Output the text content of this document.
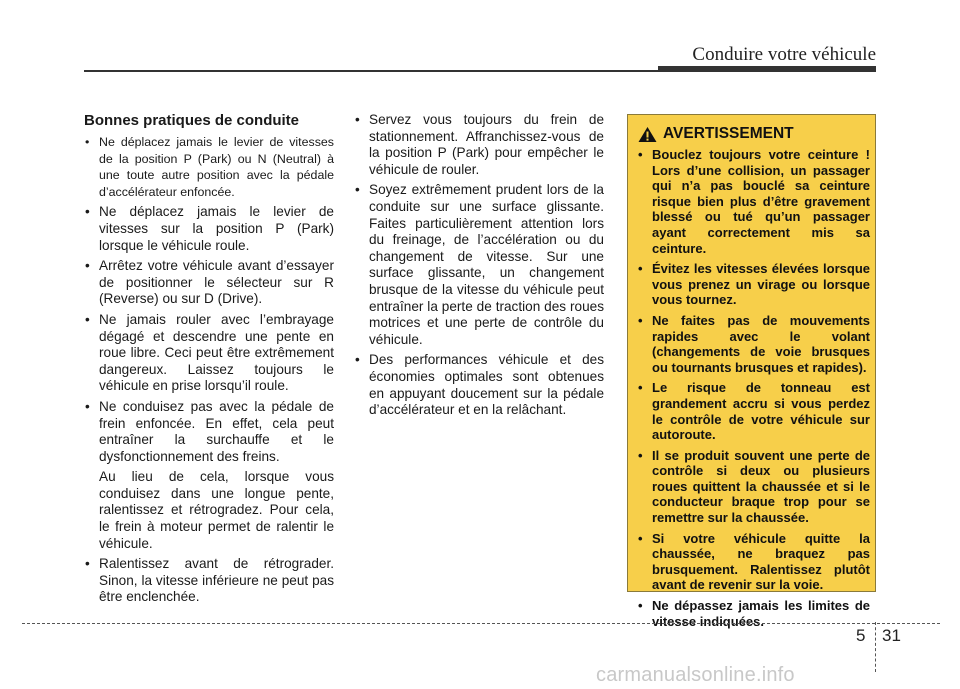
Conduire votre véhicule
Bonnes pratiques de conduite
• Ne déplacez jamais le levier de vitesses de la position P (Park) ou N (Neutral) à une toute autre position avec la pédale d’accélérateur enfoncée.
• Ne déplacez jamais le levier de vitesses sur la position P (Park) lorsque le véhicule roule.
• Arrêtez votre véhicule avant d’essayer de positionner le sélecteur sur R (Reverse) ou sur D (Drive).
• Ne jamais rouler avec l’embrayage dégagé et descendre une pente en roue libre. Ceci peut être extrêmement dangereux. Laissez toujours le véhicule en prise lorsqu’il roule.
• Ne conduisez pas avec la pédale de frein enfoncée. En effet, cela peut entraîner la surchauffe et le dysfonctionnement des freins.
Au lieu de cela, lorsque vous conduisez dans une longue pente, ralentissez et rétrogradez. Pour cela, le frein à moteur permet de ralentir le véhicule.
• Ralentissez avant de rétrograder. Sinon, la vitesse inférieure ne peut pas être enclenchée.
• Servez vous toujours du frein de stationnement. Affranchissez-vous de la position P (Park) pour empêcher le véhicule de rouler.
• Soyez extrêmement prudent lors de la conduite sur une surface glissante. Faites particulièrement attention lors du freinage, de l’accélération ou du changement de vitesse. Sur une surface glissante, un changement brusque de la vitesse du véhicule peut entraîner la perte de traction des roues motrices et une perte de contrôle du véhicule.
• Des performances véhicule et des économies optimales sont obtenues en appuyant doucement sur la pédale d’accélérateur et en la relâchant.
AVERTISSEMENT
• Bouclez toujours votre ceinture ! Lors d’une collision, un passager qui n’a pas bouclé sa ceinture risque bien plus d’être gravement blessé ou tué qu’un passager ayant correctement mis sa ceinture.
• Évitez les vitesses élevées lorsque vous prenez un virage ou lorsque vous tournez.
• Ne faites pas de mouvements rapides avec le volant (changements de voie brusques ou tournants brusques et rapides).
• Le risque de tonneau est grandement accru si vous perdez le contrôle de votre véhicule sur autoroute.
• Il se produit souvent une perte de contrôle si deux ou plusieurs roues quittent la chaussée et si le conducteur braque trop pour se remettre sur la chaussée.
• Si votre véhicule quitte la chaussée, ne braquez pas brusquement. Ralentissez plutôt avant de revenir sur la voie.
• Ne dépassez jamais les limites de vitesse indiquées.
5 31
carmanualsonline.info
